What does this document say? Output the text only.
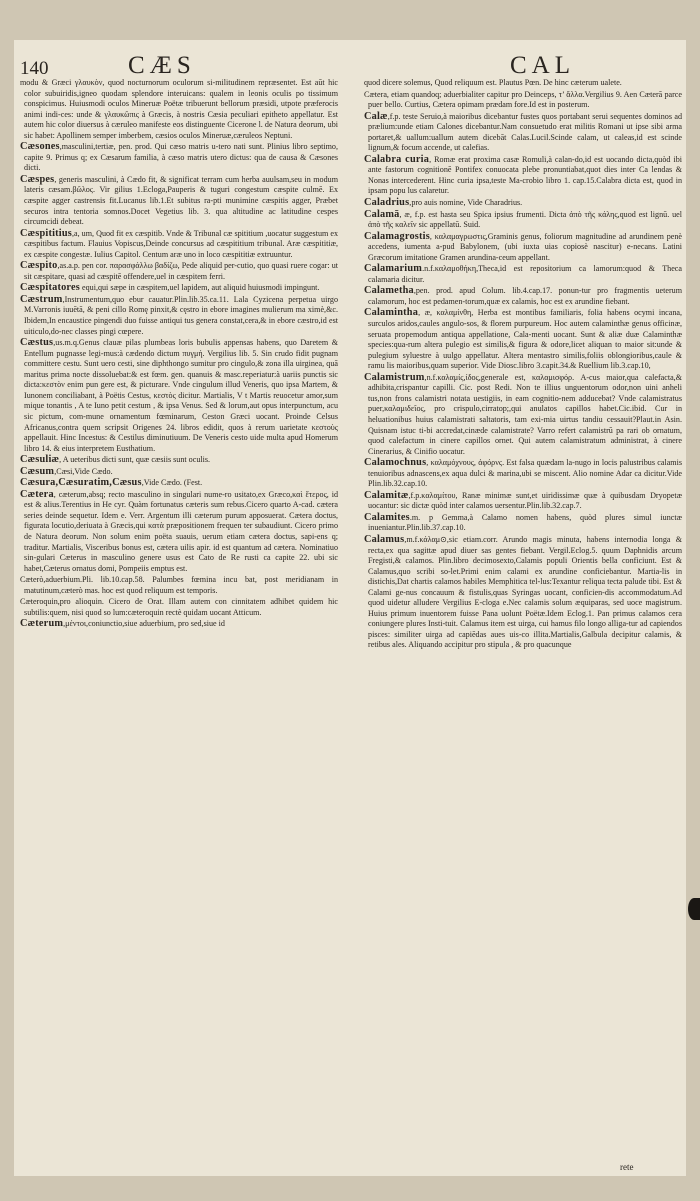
140	CÆS	CAL

modu & Græci γλαυκὸν, quod nocturnorum oculorum si-militudinem repræsentet. Est aūt hic color subuiridis,igneo quodam splendore interuicans: qualem in leonis oculis po tissimum conspicimus. Huiusmodi oculos Mineruæ Poëtæ tribuerunt bellorum præsidi, utpote præferocis animi indi-ces: unde & γλαυκῶπις à Græcis, à nostris Cæsia peculiari epitheto appellatur. Est autem hic color diuersus à cæruleo manifeste eos distinguente Cicerone l. de Natura deorum, ubi sic habet: Apollinem semper imberbem, cæsios oculos Mineruæ,cæruleos Neptuni.

Cæsones,masculini,tertiæ, pen. prod. Qui cæso matris u-tero nati sunt. Plinius libro septimo, capite 9. Primus q; ex Cæsarum familia, à cæso matris utero dictus: qua de causa & Cæsones dicti.

Cæspes, generis masculini, à Cædo fit, & significat terram cum herba auulsam,seu in modum lateris cæsam.βῶλος. Vir gilius 1.Ecloga,Pauperis & tuguri congestum cæspite culmē. Ex cæspite agger castrensis fit.Lucanus lib.1.Et subitus ra-pti munimine cæspitis agger, Præbet securos intra tentoria somnos.Docet Vegetius lib. 3. qua altitudine ac latitudine cespes circumcidi debeat.

Cæspititius,a, um, Quod fit ex cæspitib. Vnde & Tribunal cæ spititium ,uocatur suggestum ex cæspitibus factum. Flauius Vopiscus,Deinde concursus ad cæspititium tribunal. Aræ cæspititiæ, ex cæspite congestæ. Iulius Capitol. Centum aræ uno in loco cæspititiæ extruuntur.

Cæspito,as.a.p. pen cor. παρασφάλλω βαδίζω, Pede aliquid per-cutio, quo quasi ruere cogar: ut sit cæspitare, quasi ad cæspitē offendere,uel in cæspitem ferri.

Cæspitatores equi,qui sæpe in cæspitem,uel lapidem, aut aliquid huiusmodi impingunt.

Cæstrum,Instrumentum,quo ebur cauatur.Plin.lib.35.ca.11. Lala Cyzicena perpetua uirgo M.Varronis iuuētā, & peni cillo Romę pinxit,& cęstro in ebore imagines mulierum ma ximè,&c. Ibidem,In encaustice pingendi duo fuisse antiqui tus genera constat,cera,& in ebore cæstro,id est uiticulo,do-nec classes pingi cœpere.

Cæstus,us.m.q.Genus clauæ pilas plumbeas loris bubulis appensas habens, quo Daretem & Entellum pugnasse legi-mus:à cædendo dictum πυγμή. Vergilius lib. 5. Sin crudo fidit pugnam committere cestu. Sunt uero cesti, sine diphthongo sumitur pro cingulo,& zona illa uirginea, quā maritus prima nocte dissoluebat:& est fœm. gen. quanuis & masc.reperiatur:à uariis punctis sic dicta:κεστὸν enim pun gere est, & picturare. Vnde cingulum illud Veneris, quo ipsa Martem, & Iunonem conciliabant, à Poëtis Cestus, κεστὸς dicitur. Martialis, V t Martis reuocetur amor,sum mique tonantis , A te Iuno petit cestum , & ipsa Venus. Sed & lorum,aut opus interpunctum, acu sic pictum, com-mune ornamentum fœminarum, Ceston Græci uocant. Proinde Celsus Africanus,contra quem scripsit Origenes 24. libros edidit, quos à rerum uarietate κεστοὺς appellauit. Hinc Incestus: & Cestilus diminutiuum. De Veneris cesto uide multa apud Homerum libro 14. & eius interpretem Eusthatium.

Cæsuliæ, A ueteribus dicti sunt, quæ cæsiis sunt oculis.

Cæsum,Cæsi,Vide Cædo.

Cæsura,Cæsuratim,Cæsus,Vide Cædo. (Fest.

Cætera, cæterum,absq; recto masculino in singulari nume-ro usitato,ex Græco,καὶ ἕτερος, id est & alius.Terentius in He cyr. Quàm fortunatus cæteris sum rebus.Cicero quarto A-cad. cætera series deinde sequetur. Idem e. Verr. Argentum illi cæterum purum apposuerat. Cætera doctus, figurata locutio,deriuata à Græcis,qui κατὰ præpositionem frequen ter subaudiunt. Cicero primo de Natura deorum. Non solum enim poëta suauis, uerum etiam cætera doctus, sapi-ens q; traditur. Martialis, Visceribus bonus est, cætera uilis apir. id est quantum ad cætera. Nominatiuo sin-gulari Cæterus in masculino genere usus est Cato de Re rusti ca capite 22. ubi sic habet,Cæterus ornatus domi, Pompeiis emptus est.

Cæterò,aduerbium.Pli. lib.10.cap.58. Palumbes fœmina incu bat, post meridianam in matutinum,cæterò mas. hoc est quod reliquum est temporis.

Cæteroquin,pro alioquin. Cicero de Orat. Illam autem con cinnitatem adhibet quidem hic subtilis:quem, nisi quod so lum:cæteroquin rectè quidam uocant Atticum.

Cæterum,μέντοι,coniunctio,siue aduerbium, pro sed,siue id

quod dicere solemus, Quod reliquum est. Plautus Pœn. De hinc cæterum ualete.

Cætera, etiam quandoq; aduerbialiter capitur pro Deinceps, τ’ ἄλλα.Vergilius 9. Aen Cæterā parce puer bello. Curtius, Cætera opimam prædam fore.Id est in posterum.

Calæ,f.p. teste Seruio,à maioribus dicebantur fustes quos portabant serui sequentes dominos ad prælium:unde etiam Calones dicebantur.Nam consuetudo erat militis Romani ut ipse sibi arma portaret,& uallum:uallum autem dicebāt Calas.Lucil.Scinde calam, ut caleas,id est scinde lignum,& focum accende, ut calefias.

Calabra curia, Romæ erat proxima casæ Romuli,à calan-do,id est uocando dicta,quòd ibi ante fastorum cognitionē Pontifex conuocata plebe pronuntiabat,quot dies inter Ca lendas & Nonas intercederent. Hinc curia ipsa,teste Ma-crobio libro 1. cap.15.Calabra dicta est, quod in ipsam popu lus calaretur.

Caladrius,pro auis nomine, Vide Charadrius.

Calamā, æ, f.p. est hasta seu Spica ipsius frumenti. Dicta ἀπὸ τῆς κάλης,quod est lignū. uel ἀπὸ τῆς καλεῖν sic appellatū. Suid.

Calamagrostis, καλαμαγρωστις,Graminis genus, foliorum magnitudine ad arundinem penè accedens, iumenta a-pud Babylonem, (ubi iuxta uias copiosè nascitur) e-necans. Latini Græcorum imitatione Gramen arundina-ceum appellant.

Calamarium.n.f.καλαμοθήκη,Theca,id est repositorium ca lamorum:quod & Theca calamaria dicitur.

Calametha,pen. prod. apud Colum. lib.4.cap.17. ponun-tur pro fragmentis ueterum calamorum, hoc est pedamen-torum,quæ ex calamis, hoc est ex arundine fiebant.

Calamintha, æ, καλαμίνθη, Herba est montibus familiaris, folia habens ocymi incana, surculos aridos,caules angulo-sos, & florem purpureum. Hoc autem calaminthæ genus officinæ, seruata propemodum antiqua appellatione, Cala-menti uocant. Sunt & aliæ duæ Calaminthæ species:qua-rum altera pulegio est similis,& figura & odore,licet aliquan to maior sit:unde & pulegium syluestre à uulgo appellatur. Altera mentastro similis,foliis oblongioribus,caule & ramu lis maioribus,quam superior. Vide Diosc.libro 3.capit.34.& Ruellium lib.3.cap.10,

Calamistrum,n.f.καλαμίς,ίδος,generale est, καλαμισφόρ. A-cus maior,qua calefacta,& adhibita,crispantur capilli. Cic. post Redi. Non te illius unguentorum odor,non uini anheli tus,non frons calamistri notata uestigiis, in eam cognitio-nem adducebat? Vnde calamistratus puer,καλαμιδεῖος, pro crispulo,cirratop;,qui anulatos capillos habet.Cic.ibid. Cur in heluationibus huius calamistrati saltatoris, tam exi-mia uirtus tandiu cessauit?Plaut.in Asin. Quisnam istuc ti-bi accredat,cinæde calamistrate? Varro refert calamistrū pa rari ob ornatum, quod calefactum in cinere capillos ornet. Qui autem calamistratum administrat, à cinere Cinerarius, & Cinifio uocatur.

Calamochnus, καλαμόχνους, ἀφόρνς. Est falsa quædam la-nugo in locis palustribus calamis tenuioribus adnascens,ex aqua dulci & marina,ubi se miscent. Alio nomine Adar ca dicitur.Vide Plin.lib.32.cap.10.

Calamitæ,f.p.καλαμίτου, Ranæ minimæ sunt,et uiridissimæ quæ à quibusdam Dryopetæ uocantur: sic dictæ quòd inter calamos uersentur.Plin.lib.32.cap.7.

Calamites.m. p Gemma,à Calamo nomen habens, quòd plures simul iunctæ inueniantur.Plin.lib.37.cap.10.

Calamus,m.f.κάλαμ⊙,sic etiam.corr. Arundo magis minuta, habens internodia longa & recta,ex qua sagittæ apud diuer sas gentes fiebant. Vergil.Eclog.5. quum Daphnidis arcum Fregisti,& calamos. Plin.libro decimosexto,Calamis populi Orientis bella conficiunt. Est & Calamus,quo scribi so-let.Primi enim calami ex arundine conficiebantur. Martia-lis in distichis,Dat chartis calamos habiles Memphitica tel-lus:Texantur reliqua tecta palude tibi. Est & Calami ge-nus concauum & fistulis,quas Syringas uocant, conficien-dis accommodatum.Ad quod uidetur alludere Vergilius E-cloga e.Nec calamis solum æquiparas, sed uoce magistrum. Huius primum inuentorem fuisse Pana uolunt Poëtæ.Idem Eclog.1. Pan primus calamos cera coniungere plures Insti-tuit. Calamus item est uirga, cui hamus filo longo alliga-tur ad capiendos pisces: similiter uirga ad capiēdas aues uis-co illita.Martialis,Galbula decipitur calamis, & retibus ales. Aliquando accipitur pro stipula , & pro quacunque

rete
